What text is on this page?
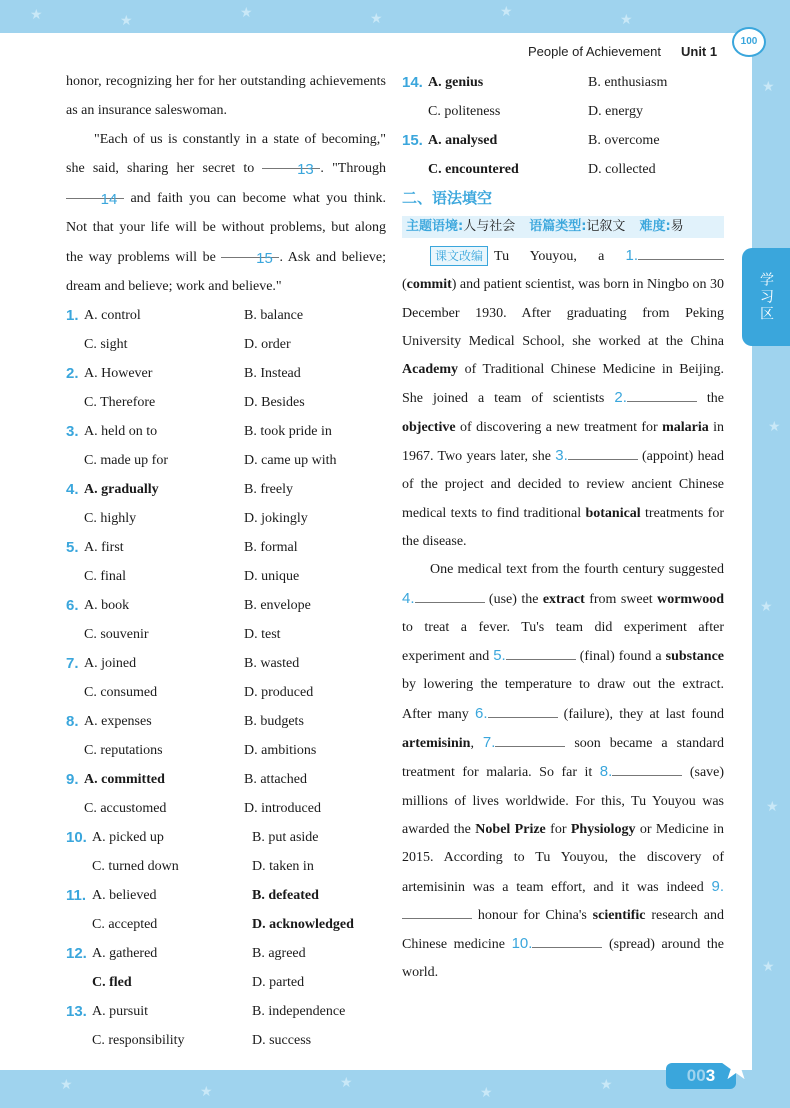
★	★	★	★	★	★
★
★
★
★
★
★	★
★
★	★
People of Achievement Unit 1
100
学习区

honor, recognizing her for her outstanding achievements as an insurance saleswoman.

"Each of us is constantly in a state of becoming," she said, sharing her secret to	13 . "Through 14 and faith you can become what you think. Not that your life will be without problems, but along the way problems will be	15 . Ask and believe; dream and believe; work and believe."

1. A. control	B. balance
C. sight	D. order
2. A. However	B. Instead
C. Therefore	D. Besides
3. A. held on to	B. took pride in
C. made up for	D. came up with
4. A. gradually	B. freely
C. highly	D. jokingly
5. A. first	B. formal
C. final	D. unique
6. A. book	B. envelope
C. souvenir	D. test
7. A. joined	B. wasted
C. consumed	D. produced
8. A. expenses	B. budgets
C. reputations	D. ambitions
9. A. committed	B. attached
C. accustomed	D. introduced
10. A. picked up	B. put aside
C. turned down	D. taken in
11. A. believed	B. defeated
C. accepted	D. acknowledged
12. A. gathered	B. agreed
C. fled	D. parted
13. A. pursuit	B. independence
C. responsibility	D. success
14. A. genius	B. enthusiasm
C. politeness	D. energy
15. A. analysed	B. overcome
C. encountered	D. collected
二、语法填空
主题语境:人与社会 语篇类型:记叙文 难度:易

课文改编 Tu Youyou, a 1. (commit) and patient scientist, was born in Ningbo on 30 December 1930. After graduating from Peking University Medical School, she worked at the China Academy of Traditional Chinese Medicine in Beijing. She joined a team of scientists 2.	the objective of discovering a new treatment for malaria in 1967. Two years later, she 3.	(appoint) head of the project and decided to review ancient Chinese medical texts to find traditional botanical treatments for the disease.

One medical text from the fourth century suggested 4.	(use) the extract from sweet wormwood to treat a fever. Tu's team did experiment after experiment and 5.	(final) found a substance by lowering the temperature to draw out the extract. After many 6.	(failure), they at last found artemisinin, 7.	soon became a standard treatment for malaria. So far it 8.	(save) millions of lives worldwide. For this, Tu Youyou was awarded the Nobel Prize for Physiology or Medicine in 2015. According to Tu Youyou, the discovery of artemisinin was a team effort, and it was indeed 9. honour for China's scientific research and Chinese medicine 10.	(spread) around the world.

003 ★
